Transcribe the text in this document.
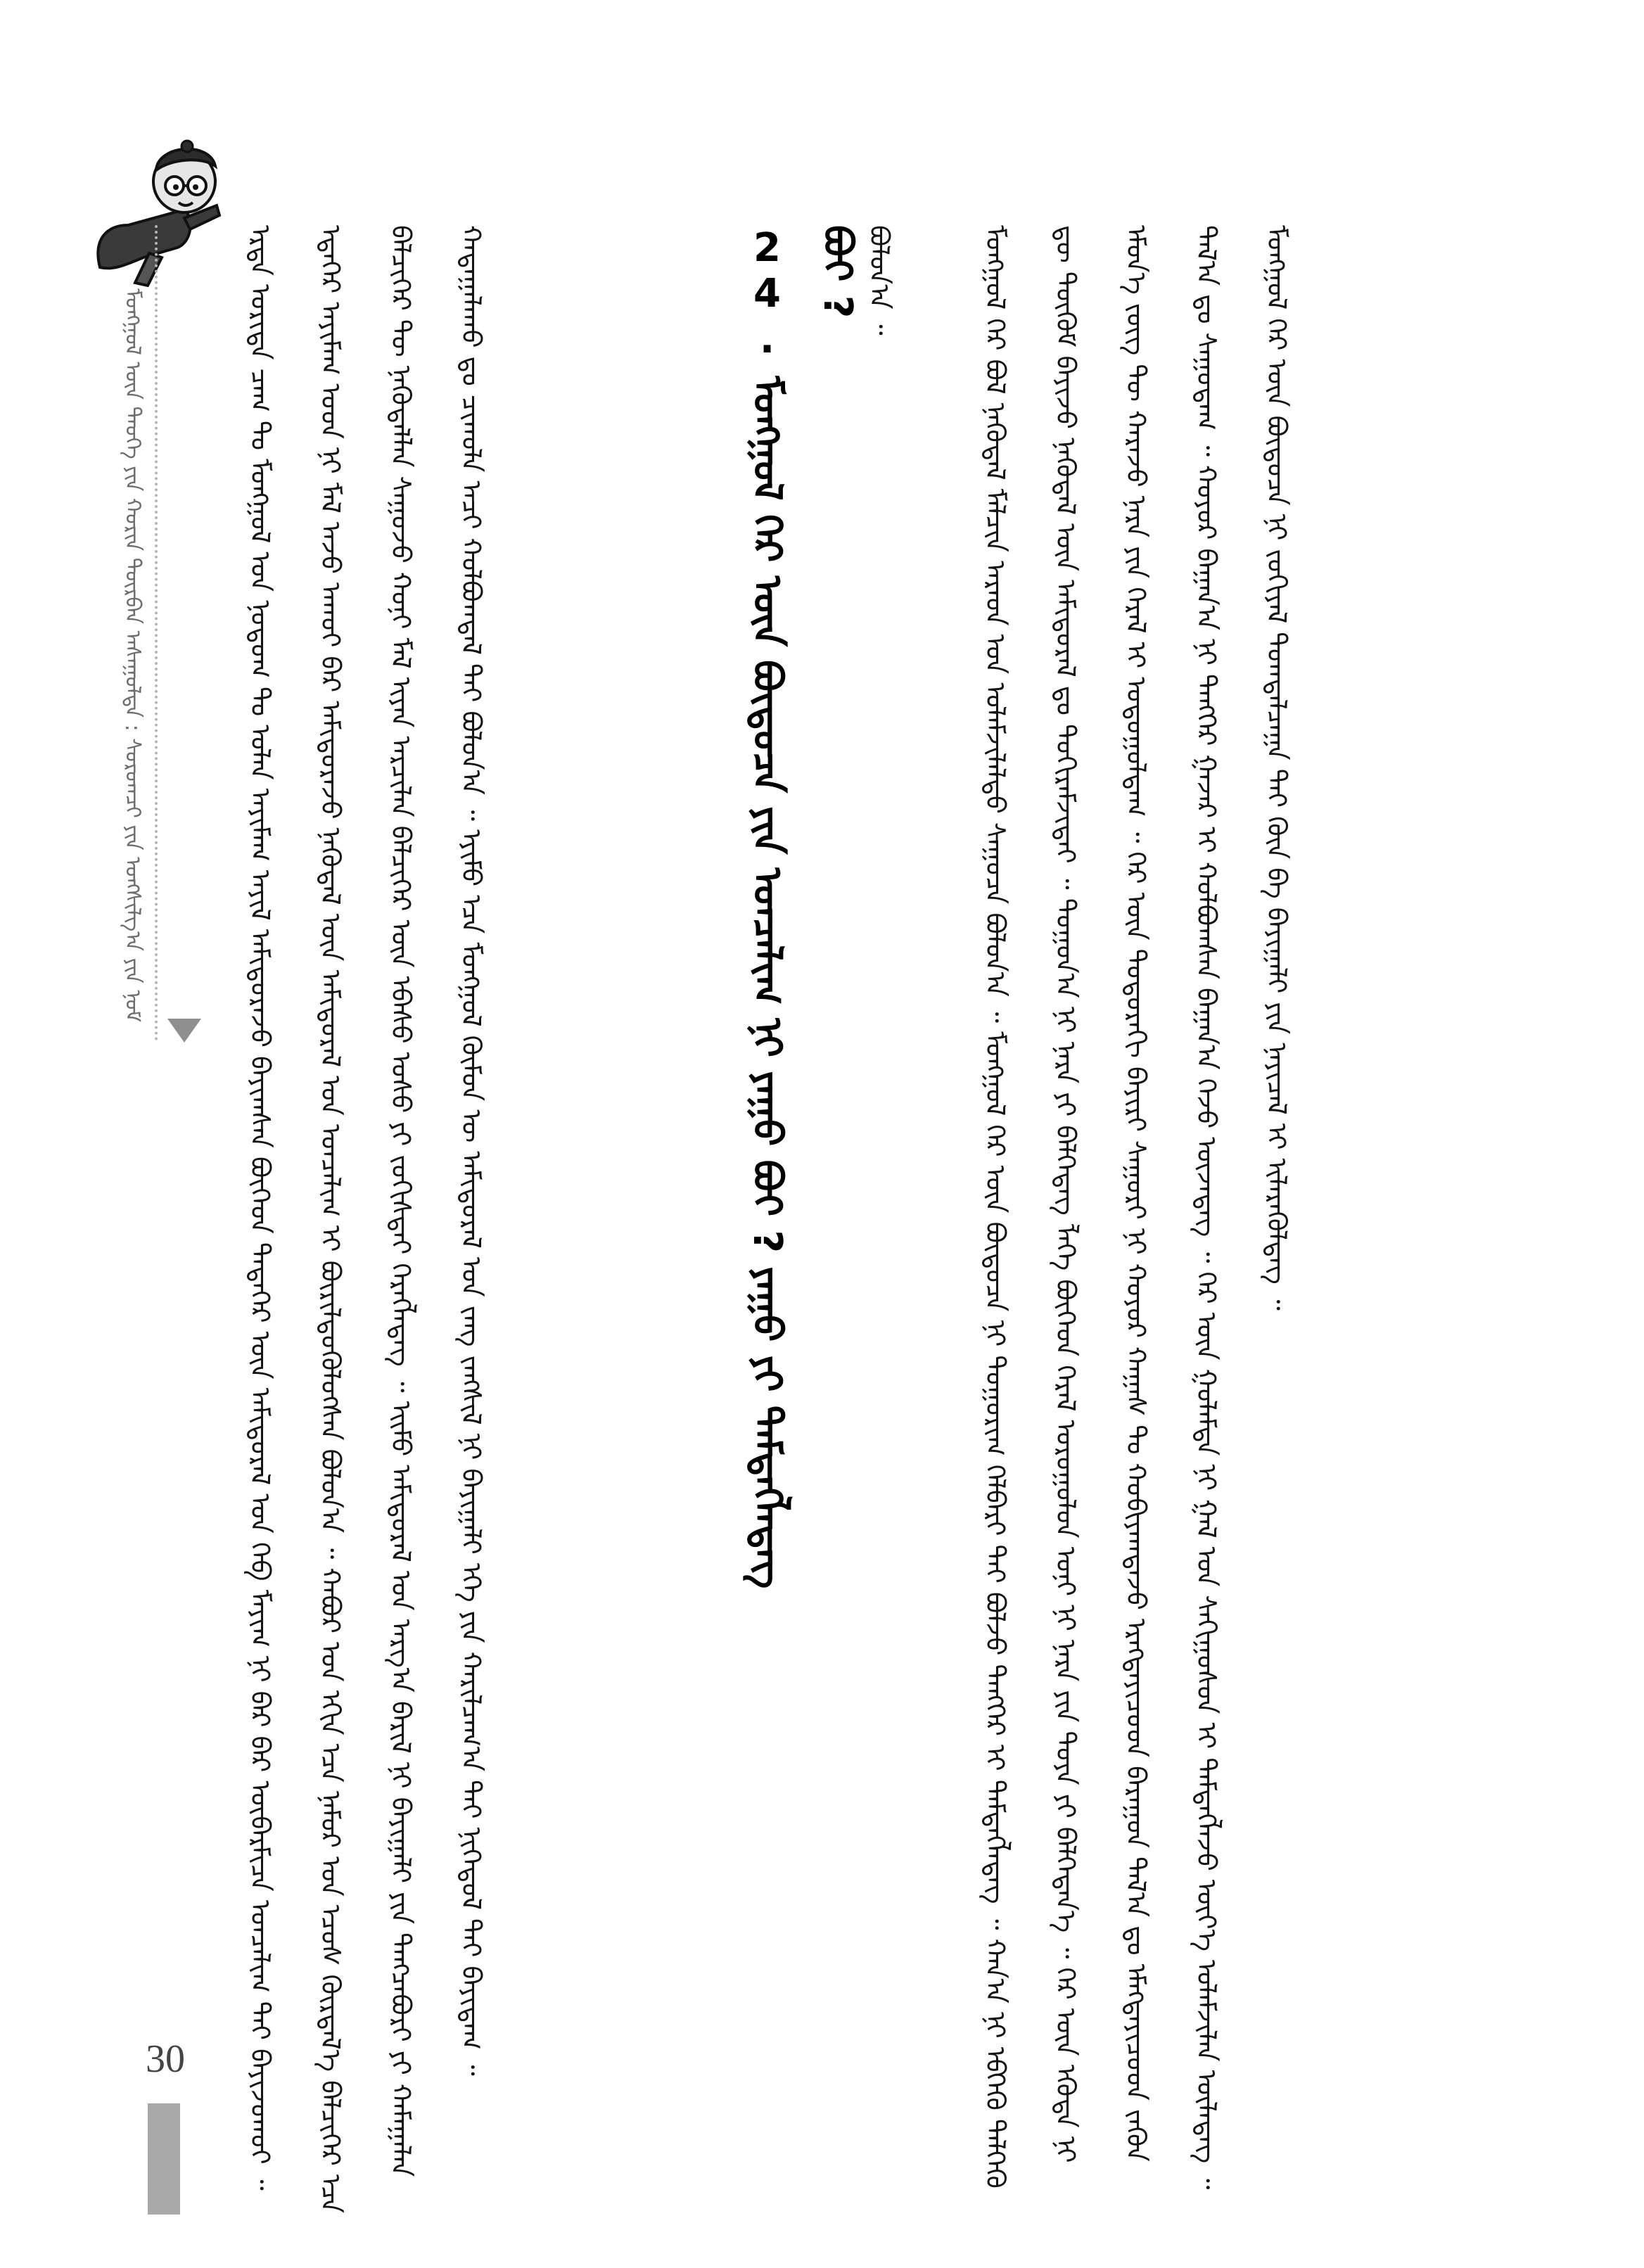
ᠮᠣᠩᠭᠣᠯ ᠦᠨ ᠲᠡᠦᠬᠡ ᠶᠢᠨ ᠬᠣᠷᠢᠨ ᠳᠥᠷᠪᠡᠨ ᠠᠰᠠᠭᠤᠯᠲᠠ : ᠰᠤᠷᠤᠭᠴᠢ ᠶᠢᠨ ᠤᠩᠰᠢᠯᠭ᠎ᠠ ᠶᠢᠨ ᠨᠣᠮ	ᠡᠷᠲᠡ ᠤᠷᠢᠳᠠ ᠴᠠᠭ ᠲᠤ ᠮᠣᠩᠭᠣᠯ ᠤᠨ ᠨᠤᠲᠤᠭ ᠲᠤ ᠣᠯᠠᠨ ᠠᠶᠢᠮᠠᠭ ᠠᠶᠢᠯ ᠠᠮᠢᠳᠤᠷᠠᠵᠤ ᠪᠠᠶᠢᠭᠰᠠᠨ ᠪᠥᠭᠡᠳ ᠲᠡᠳᠡᠭᠡᠷ ᠦᠨ ᠠᠮᠢᠳᠤᠷᠠᠯ ᠤᠨ ᠬᠡᠪ ᠮᠠᠶᠢᠭ ᠨᠢ ᠪᠡᠷ ᠪᠡᠷ ᠦᠪᠡᠷᠮᠢᠴᠡ ᠣᠨᠴᠠᠯᠢᠭ ᠲᠠᠶ ᠪᠠᠶᠢᠵᠤᠬᠤᠢ ᠃ ᠡᠳᠡᠭᠡᠷ ᠠᠶᠢᠮᠠᠭ ᠤᠳ ᠨᠢ ᠮᠠᠯ ᠠᠵᠤ ᠠᠬᠤᠢ ᠪᠡᠷ ᠠᠮᠢᠳᠤᠷᠠᠵᠤ ᠨᠡᠬᠦᠳᠡᠯ ᠦᠨ ᠠᠮᠢᠳᠤᠷᠠᠯ ᠤᠨ ᠣᠨᠴᠠᠯᠢᠭ ᠢ ᠪᠦᠷᠢᠯᠳᠦᠭᠦᠯᠦᠭᠰᠡᠨ ᠪᠣᠯᠤᠨ᠎ᠠ ᠃ ᠬᠠᠪᠤᠷ ᠤᠨ ᠡᠬᠢᠨ ᠡᠴᠡ ᠨᠠᠮᠤᠷ ᠤᠨ ᠡᠴᠦᠰ ᠬᠦᠷᠲᠡᠯ᠎ᠡ ᠪᠡᠯᠴᠢᠭᠡᠷ ᠡᠴᠡ ᠪᠡᠯᠴᠢᠭᠡᠷ ᠲᠦ ᠨᠡᠬᠦᠳᠡᠯᠯᠡᠨ ᠰᠠᠭᠤᠵᠤ ᠬᠣᠨᠢ ᠮᠠᠯ ᠢᠶᠠᠨ ᠠᠷᠴᠢᠯᠠᠨ ᠪᠡᠯᠴᠢᠭᠡᠷ ᠦᠨ ᠡᠪᠡᠰᠦ ᠤᠰᠤ ᠶᠢ ᠵᠣᠬᠢᠰᠲᠠᠶ ᠬᠡᠷᠡᠭᠯᠡᠳᠡᠭ ᠃ ᠡᠢᠮᠦ ᠠᠮᠢᠳᠤᠷᠠᠯ ᠤᠨ ᠠᠷᠭ᠎ᠠ ᠪᠠᠷᠢᠯ ᠨᠢ ᠪᠠᠶᠢᠭᠠᠯᠢ ᠶᠢᠨ ᠲᠡᠩᠴᠡᠪᠦᠷᠢ ᠶᠢ ᠬᠠᠮᠠᠭᠠᠯᠠᠨ ᠬᠠᠳᠠᠭᠠᠯᠠᠬᠤ ᠳᠤ ᠴᠢᠬᠤᠯᠠ ᠠᠴᠢ ᠬᠣᠯᠪᠣᠭᠳᠠᠯ ᠲᠠᠶ ᠪᠣᠯᠤᠨ᠎ᠠ ᠃ ᠡᠶᠢᠮᠦ ᠡᠴᠡ ᠮᠣᠩᠭᠣᠯ ᠬᠦᠮᠦᠨ ᠦ ᠠᠮᠢᠳᠤᠷᠠᠯ ᠤᠨ ᠵᠠᠩ ᠵᠠᠩᠰᠢᠯ ᠨᠢ ᠪᠠᠶᠢᠭᠠᠯᠢ ᠡᠬᠡ ᠶᠢᠨ ᠬᠠᠷᠢᠯᠴᠠᠭ᠎ᠠ ᠲᠠᠶ ᠨᠢᠭᠡᠳᠦᠯ ᠲᠡᠢ ᠪᠠᠶᠢᠳᠠᠭ ᠃	24. ᠮᠣᠩᠭᠣᠯ ᠭᠡᠷ ᠦᠨ ᠪᠦᠲᠦᠴᠡ ᠶᠢᠨ ᠣᠨᠴᠠᠯᠢᠭ ᠨᠢ ᠶᠠᠭᠤ ᠪᠤᠢ ? ᠶᠠᠭᠤ ᠶᠢ ᠲᠡᠮᠳᠡᠭᠯᠡᠳᠡᠭ ᠪᠤᠢ ? ᠪᠣᠯᠤᠨ᠎ᠠ ᠃	ᠮᠣᠩᠭᠣᠯ ᠭᠡᠷ ᠪᠣᠯ ᠨᠡᠬᠦᠳᠡᠯ ᠮᠠᠯᠴᠢᠨ ᠠᠷᠠᠳ ᠤᠨ ᠤᠯᠠᠮᠵᠢᠯᠠᠯᠲᠤ ᠰᠠᠭᠤᠴᠠ ᠪᠣᠯᠤᠨ᠎ᠠ ᠃ ᠮᠣᠩᠭᠣᠯ ᠭᠡᠷ ᠦᠨ ᠪᠦᠲᠦᠴᠡ ᠨᠢ ᠲᠣᠭᠣᠷᠢᠭ ᠬᠡᠯᠪᠡᠷᠢ ᠲᠡᠢ ᠪᠣᠯᠵᠤ ᠲᠡᠩᠭᠡᠷ ᠢ ᠲᠡᠮᠳᠡᠭᠯᠡᠳᠡᠭ ᠃ ᠬᠠᠨ᠎ᠠ ᠨᠢ ᠡᠪᠬᠡᠬᠦ ᠳᠡᠯᠭᠡᠬᠦ ᠳᠦ ᠳᠥᠬᠦᠮ ᠪᠠᠶᠢᠵᠤ ᠨᠡᠬᠦᠳᠡᠯ ᠦᠨ ᠠᠮᠢᠳᠤᠷᠠᠯ ᠳᠤ ᠲᠣᠬᠢᠷᠠᠮᠵᠢᠲᠠᠶ ᠃ ᠲᠣᠭᠣᠨ᠎ᠠ ᠨᠢ ᠨᠠᠷᠠ ᠶᠢ ᠪᠡᠯᠭᠡᠳᠡᠭ ᠯᠡᠭᠡ ᠪᠥᠭᠡᠳ ᠭᠡᠷᠡᠯ ᠣᠷᠣᠭᠤᠯᠤᠨ ᠤᠨᠢ ᠨᠢ ᠨᠠᠷᠠ ᠶᠢᠨ ᠲᠤᠶᠠ ᠶᠢ ᠪᠡᠯᠭᠡᠳᠡᠨ᠎ᠡ ᠃ ᠭᠡᠷ ᠦᠨ ᠡᠭᠦᠳᠡ ᠨᠢ ᠡᠮᠦᠨ᠎ᠡ ᠵᠦᠭ ᠲᠦ ᠬᠠᠷᠠᠵᠤ ᠨᠠᠷᠠ ᠶᠢᠨ ᠭᠡᠷᠡᠯ ᠢ ᠤᠳᠤᠭᠤᠯᠳᠠᠭ ᠃ ᠭᠡᠷ ᠦᠨ ᠳᠣᠲᠣᠷᠠᠬᠢ ᠪᠠᠶᠢᠷᠢ ᠰᠠᠭᠤᠷᠢ ᠨᠢ ᠬᠣᠶᠣᠷ ᠬᠠᠭᠠᠰ ᠲᠤ ᠬᠤᠪᠢᠶᠠᠭᠳᠠᠵᠤ ᠡᠷᠡᠭᠲᠡᠶᠢᠴᠦᠳ ᠪᠠᠷᠠᠭᠤᠨ ᠲᠠᠯ᠎ᠠ ᠳᠤ ᠡᠮᠡᠭᠲᠡᠶᠢᠴᠦᠳ ᠵᠡᠭᠦᠨ ᠲᠠᠯ᠎ᠠ ᠳᠤ ᠰᠠᠭᠤᠳᠠᠭ ᠃ ᠬᠣᠶᠣᠷ ᠪᠠᠭᠠᠨ᠎ᠠ ᠨᠢ ᠲᠡᠩᠭᠡᠷ ᠭᠠᠵᠠᠷ ᠢ ᠬᠣᠯᠪᠣᠭᠰᠠᠨ ᠪᠠᠭᠠᠨ᠎ᠠ ᠭᠡᠵᠦ ᠦᠵᠡᠳᠡᠭ ᠃ ᠭᠡᠷ ᠦᠨ ᠭᠣᠯᠠᠮᠲᠠ ᠨᠢ ᠭᠠᠯ ᠤᠨ ᠰᠠᠬᠢᠭᠤᠰᠤᠨ ᠢ ᠲᠡᠮᠳᠡᠭᠯᠡᠵᠦ ᠦᠶ᠎ᠡ ᠤᠯᠠᠮᠵᠢᠯᠠᠨ ᠦᠯᠡᠳᠡᠭ ᠃ ᠮᠣᠩᠭᠣᠯ ᠭᠡᠷ ᠦᠨ ᠪᠦᠲᠦᠴᠡ ᠨᠢ ᠵᠣᠬᠢᠶᠠᠯ ᠲᠣᠭᠲᠠᠯᠴᠠᠭᠠ ᠲᠠᠶ ᠬᠦᠨ ᠪᠠ ᠪᠠᠶᠢᠭᠠᠯᠢ ᠶᠢᠨ ᠨᠡᠶᠢᠴᠡᠯ ᠢ ᠢᠯᠡᠷᠡᠭᠦᠯᠳᠡᠭ ᠃
30
